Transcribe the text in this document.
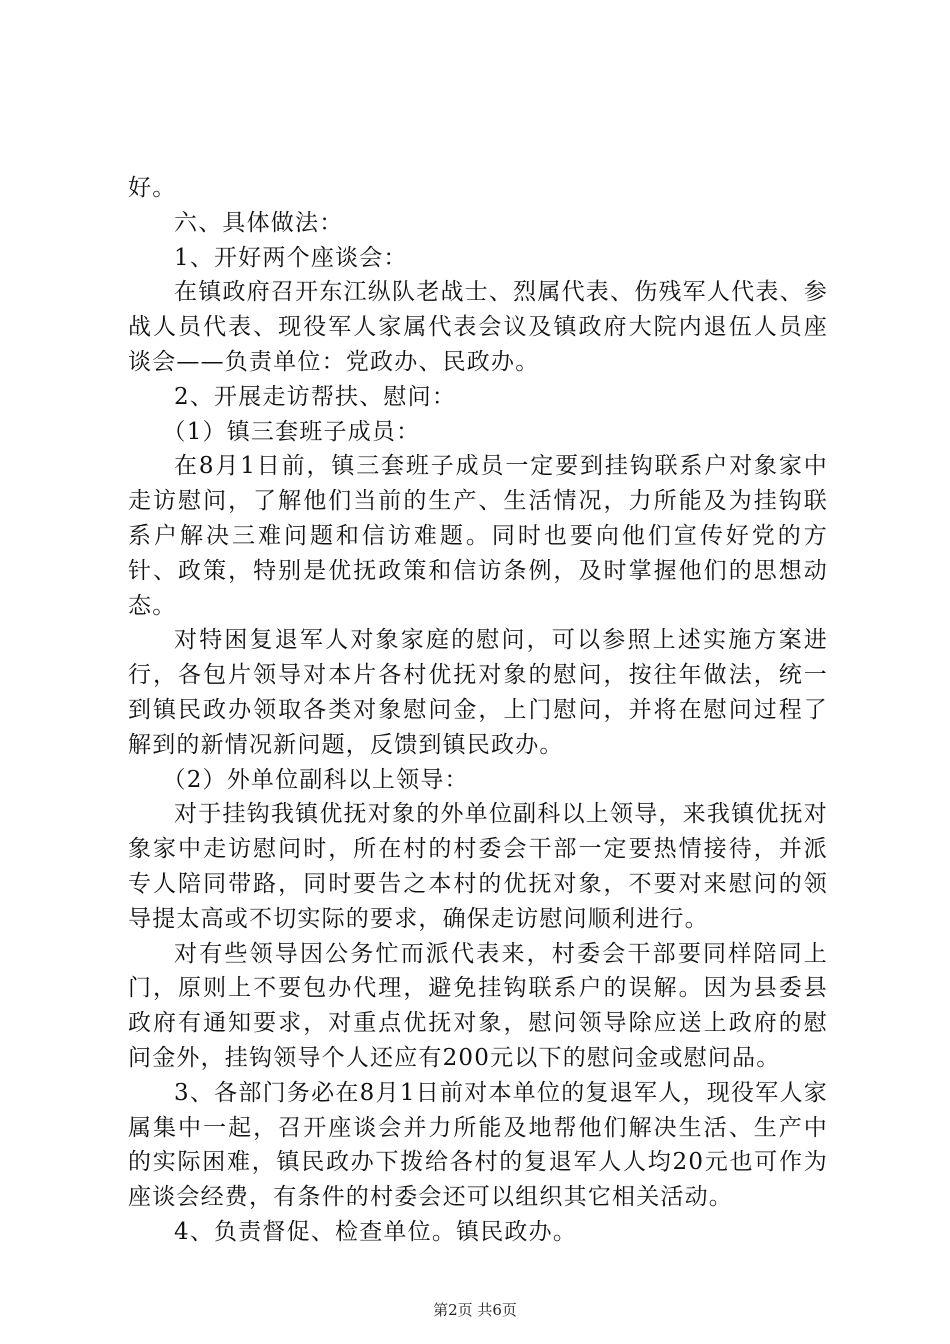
好。

六、具体做法：

1、开好两个座谈会：

在镇政府召开东江纵队老战士、烈属代表、伤残军人代表、参战人员代表、现役军人家属代表会议及镇政府大院内退伍人员座谈会——负责单位：党政办、民政办。

2、开展走访帮扶、慰问：

（1）镇三套班子成员：

在8月1日前，镇三套班子成员一定要到挂钩联系户对象家中走访慰问，了解他们当前的生产、生活情况，力所能及为挂钩联系户解决三难问题和信访难题。同时也要向他们宣传好党的方针、政策，特别是优抚政策和信访条例，及时掌握他们的思想动态。

对特困复退军人对象家庭的慰问，可以参照上述实施方案进行，各包片领导对本片各村优抚对象的慰问，按往年做法，统一到镇民政办领取各类对象慰问金，上门慰问，并将在慰问过程了解到的新情况新问题，反馈到镇民政办。

（2）外单位副科以上领导：

对于挂钩我镇优抚对象的外单位副科以上领导，来我镇优抚对象家中走访慰问时，所在村的村委会干部一定要热情接待，并派专人陪同带路，同时要告之本村的优抚对象，不要对来慰问的领导提太高或不切实际的要求，确保走访慰问顺利进行。

对有些领导因公务忙而派代表来，村委会干部要同样陪同上门，原则上不要包办代理，避免挂钩联系户的误解。因为县委县政府有通知要求，对重点优抚对象，慰问领导除应送上政府的慰问金外，挂钩领导个人还应有200元以下的慰问金或慰问品。

3、各部门务必在8月1日前对本单位的复退军人，现役军人家属集中一起，召开座谈会并力所能及地帮他们解决生活、生产中的实际困难，镇民政办下拨给各村的复退军人人均20元也可作为座谈会经费，有条件的村委会还可以组织其它相关活动。

4、负责督促、检查单位。镇民政办。

第2页 共6页
